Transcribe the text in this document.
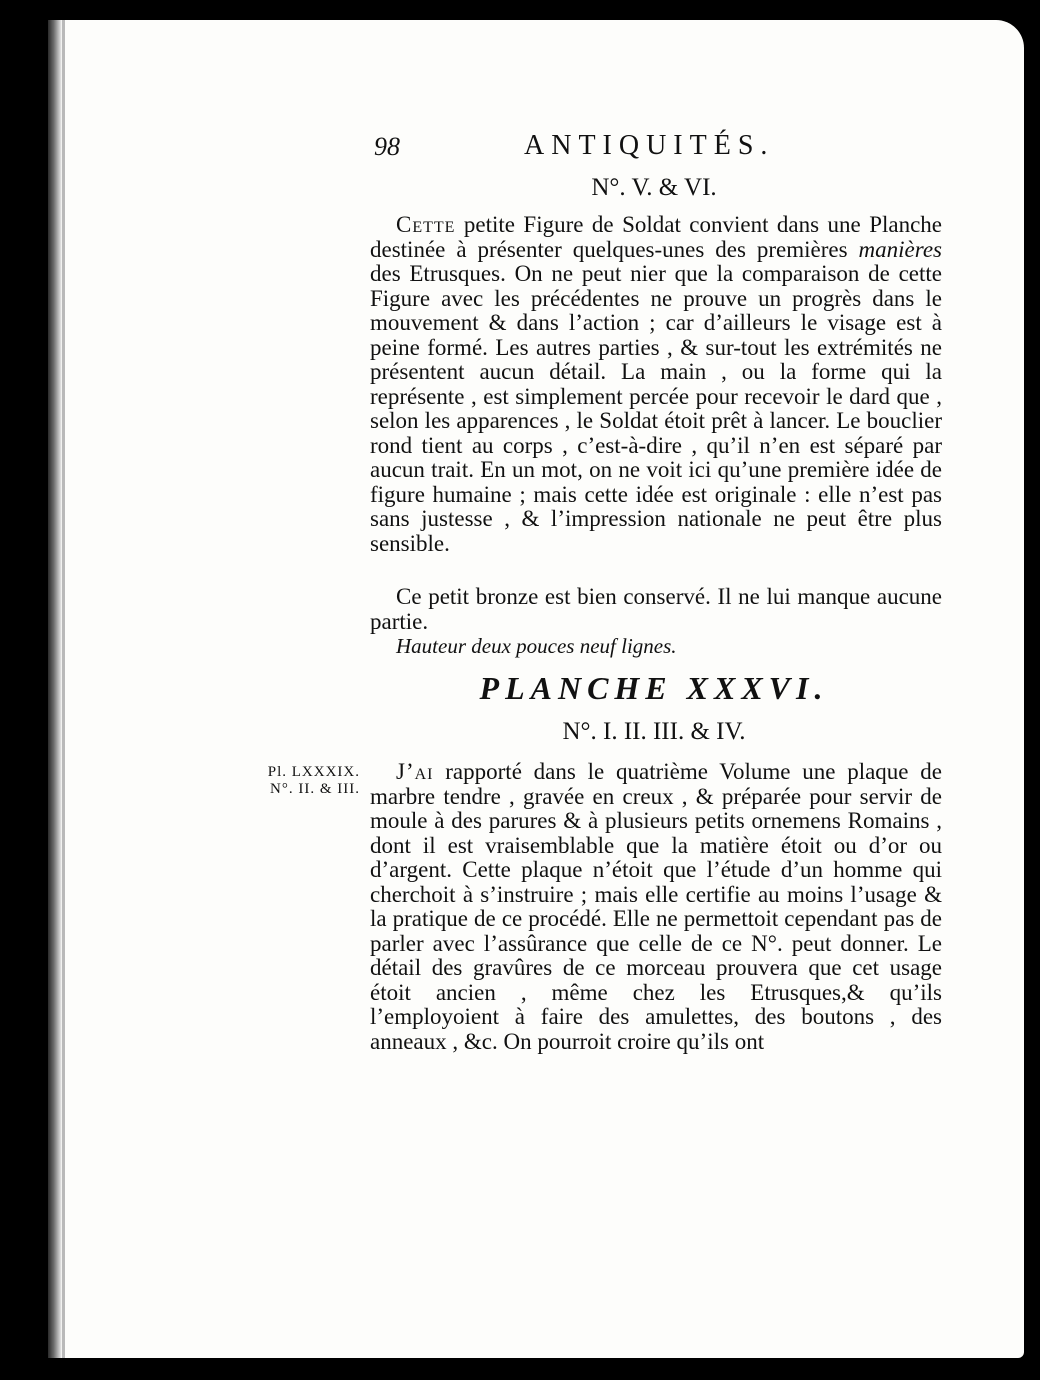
98	ANTIQUITÉS.
N°. V. & VI.
Cette petite Figure de Soldat convient dans une Planche destinée à présenter quelques-unes des premières manières des Etrusques. On ne peut nier que la comparaison de cette Figure avec les précédentes ne prouve un progrès dans le mouvement & dans l’action ; car d’ailleurs le visage est à peine formé. Les autres parties , & sur-tout les extrémités ne présentent aucun détail. La main , ou la forme qui la représente , est simplement percée pour recevoir le dard que , selon les apparences , le Soldat étoit prêt à lancer. Le bouclier rond tient au corps , c’est-à-dire , qu’il n’en est séparé par aucun trait. En un mot, on ne voit ici qu’une première idée de figure humaine ; mais cette idée est originale : elle n’est pas sans justesse , & l’impression nationale ne peut être plus sensible.
Ce petit bronze est bien conservé. Il ne lui manque aucune partie.
Hauteur deux pouces neuf lignes.
PLANCHE XXXVI.
N°. I. II. III. & IV.
Pl. LXXXIX.
N°. II. & III.
J’ai rapporté dans le quatrième Volume une plaque de marbre tendre , gravée en creux , & préparée pour servir de moule à des parures & à plusieurs petits ornemens Romains , dont il est vraisemblable que la matière étoit ou d’or ou d’argent. Cette plaque n’étoit que l’étude d’un homme qui cherchoit à s’instruire ; mais elle certifie au moins l’usage & la pratique de ce procédé. Elle ne permettoit cependant pas de parler avec l’assûrance que celle de ce N°. peut donner. Le détail des gravûres de ce morceau prouvera que cet usage étoit ancien , même chez les Etrusques,& qu’ils l’employoient à faire des amulettes, des boutons , des anneaux , &c. On pourroit croire qu’ils ont
